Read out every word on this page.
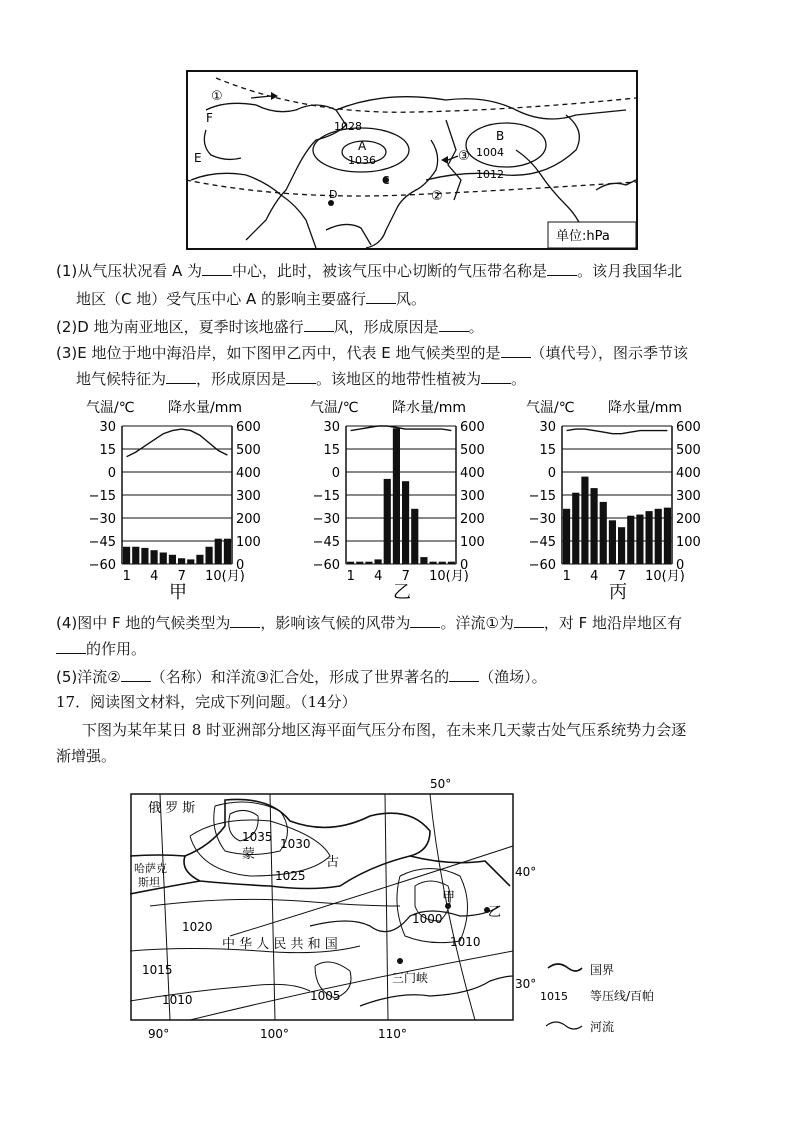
①
F
E
1028
A
1036
B
1004
1012
③
②
C
D
单位:hPa
(1)从气压状况看 A 为 中心，此时，被该气压中心切断的气压带名称是 。该月我国华北
地区（C 地）受气压中心 A 的影响主要盛行 风。
(2)D 地为南亚地区，夏季时该地盛行 风，形成原因是 。
(3)E 地位于地中海沿岸，如下图甲乙丙中，代表 E 地气候类型的是 （填代号），图示季节该
地气候特征为 ，形成原因是 。该地区的地带性植被为 。
气温/℃ 降水量/mm
30
15
0
−15
−30
−45
−60
600
500
400
300
200
100
0
1 4 7 10(月)
甲
气温/℃ 降水量/mm
30
15
0
−15
−30
−45
−60
600
500
400
300
200
100
0
1 4 7 10(月)
乙
气温/℃ 降水量/mm
30
15
0
−15
−30
−45
−60
600
500
400
300
200
100
0
1 4 7 10(月)
丙
(4)图中 F 地的气候类型为 ，影响该气候的风带为 。洋流①为 ，对 F 地沿岸地区有
的作用。
(5)洋流② （名称）和洋流③汇合处，形成了世界著名的 （渔场）。
17．阅读图文材料，完成下列问题。（14分）
下图为某年某日 8 时亚洲部分地区海平面气压分布图，在未来几天蒙古处气压系统势力会逐
渐增强。
俄 罗 斯
哈萨克
斯坦
蒙
古
中 华 人 民 共 和 国
三门峡
甲
乙
1035 1030
1025
1020
1015
1010	1005
1000
1010
50°
40°
30°
90°	100°	110°
国界
1015 等压线/百帕
河流
